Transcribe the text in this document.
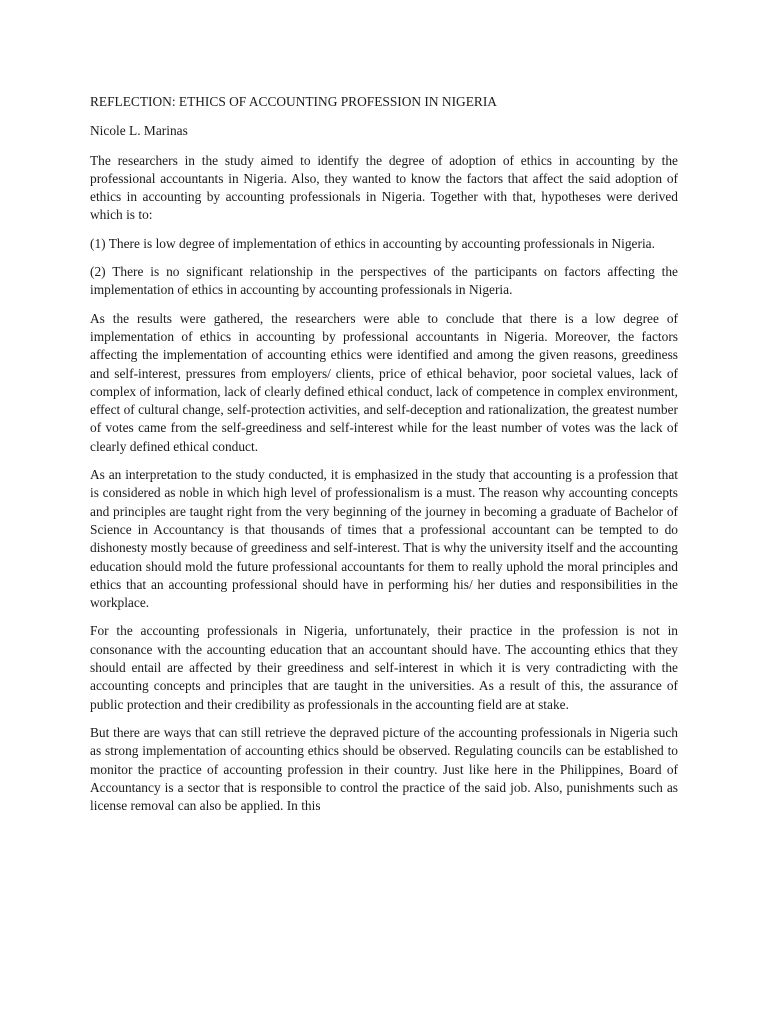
REFLECTION: ETHICS OF ACCOUNTING PROFESSION IN NIGERIA

Nicole L. Marinas

The researchers in the study aimed to identify the degree of adoption of ethics in accounting by the professional accountants in Nigeria. Also, they wanted to know the factors that affect the said adoption of ethics in accounting by accounting professionals in Nigeria. Together with that, hypotheses were derived which is to:

(1) There is low degree of implementation of ethics in accounting by accounting professionals in Nigeria.

(2) There is no significant relationship in the perspectives of the participants on factors affecting the implementation of ethics in accounting by accounting professionals in Nigeria.

As the results were gathered, the researchers were able to conclude that there is a low degree of implementation of ethics in accounting by professional accountants in Nigeria. Moreover, the factors affecting the implementation of accounting ethics were identified and among the given reasons, greediness and self-interest, pressures from employers/ clients, price of ethical behavior, poor societal values, lack of complex of information, lack of clearly defined ethical conduct, lack of competence in complex environment, effect of cultural change, self-protection activities, and self-deception and rationalization, the greatest number of votes came from the self-greediness and self-interest while for the least number of votes was the lack of clearly defined ethical conduct.

As an interpretation to the study conducted, it is emphasized in the study that accounting is a profession that is considered as noble in which high level of professionalism is a must. The reason why accounting concepts and principles are taught right from the very beginning of the journey in becoming a graduate of Bachelor of Science in Accountancy is that thousands of times that a professional accountant can be tempted to do dishonesty mostly because of greediness and self-interest. That is why the university itself and the accounting education should mold the future professional accountants for them to really uphold the moral principles and ethics that an accounting professional should have in performing his/ her duties and responsibilities in the workplace.

For the accounting professionals in Nigeria, unfortunately, their practice in the profession is not in consonance with the accounting education that an accountant should have. The accounting ethics that they should entail are affected by their greediness and self-interest in which it is very contradicting with the accounting concepts and principles that are taught in the universities. As a result of this, the assurance of public protection and their credibility as professionals in the accounting field are at stake.

But there are ways that can still retrieve the depraved picture of the accounting professionals in Nigeria such as strong implementation of accounting ethics should be observed. Regulating councils can be established to monitor the practice of accounting profession in their country. Just like here in the Philippines, Board of Accountancy is a sector that is responsible to control the practice of the said job. Also, punishments such as license removal can also be applied. In this
